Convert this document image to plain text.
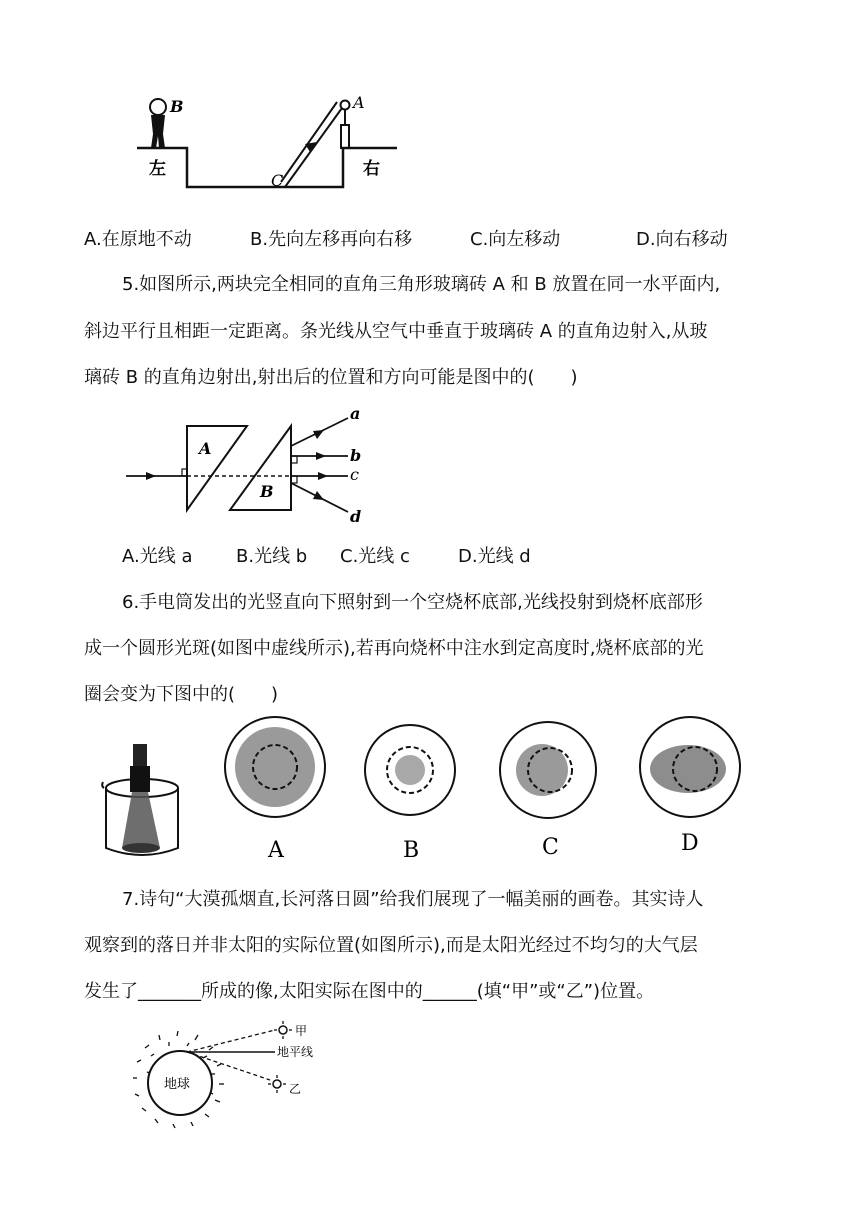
B
左
A
C
右
A.在原地不动	B.先向左移再向右移	C.向左移动	D.向右移动
5.如图所示,两块完全相同的直角三角形玻璃砖 A 和 B 放置在同一水平面内,
斜边平行且相距一定距离。条光线从空气中垂直于玻璃砖 A 的直角边射入,从玻
璃砖 B 的直角边射出,射出后的位置和方向可能是图中的(　　)
A
B
a
b
c
d
A.光线 a B.光线 b C.光线 c	D.光线 d
6.手电筒发出的光竖直向下照射到一个空烧杯底部,光线投射到烧杯底部形
成一个圆形光斑(如图中虚线所示),若再向烧杯中注水到定高度时,烧杯底部的光
圈会变为下图中的(　　)
A	B	C	D
7.诗句“大漠孤烟直,长河落日圆”给我们展现了一幅美丽的画卷。其实诗人
观察到的落日并非太阳的实际位置(如图所示),而是太阳光经过不均匀的大气层
发生了_______所成的像,太阳实际在图中的______(填“甲”或“乙”)位置。
地球
地平线
甲
乙
